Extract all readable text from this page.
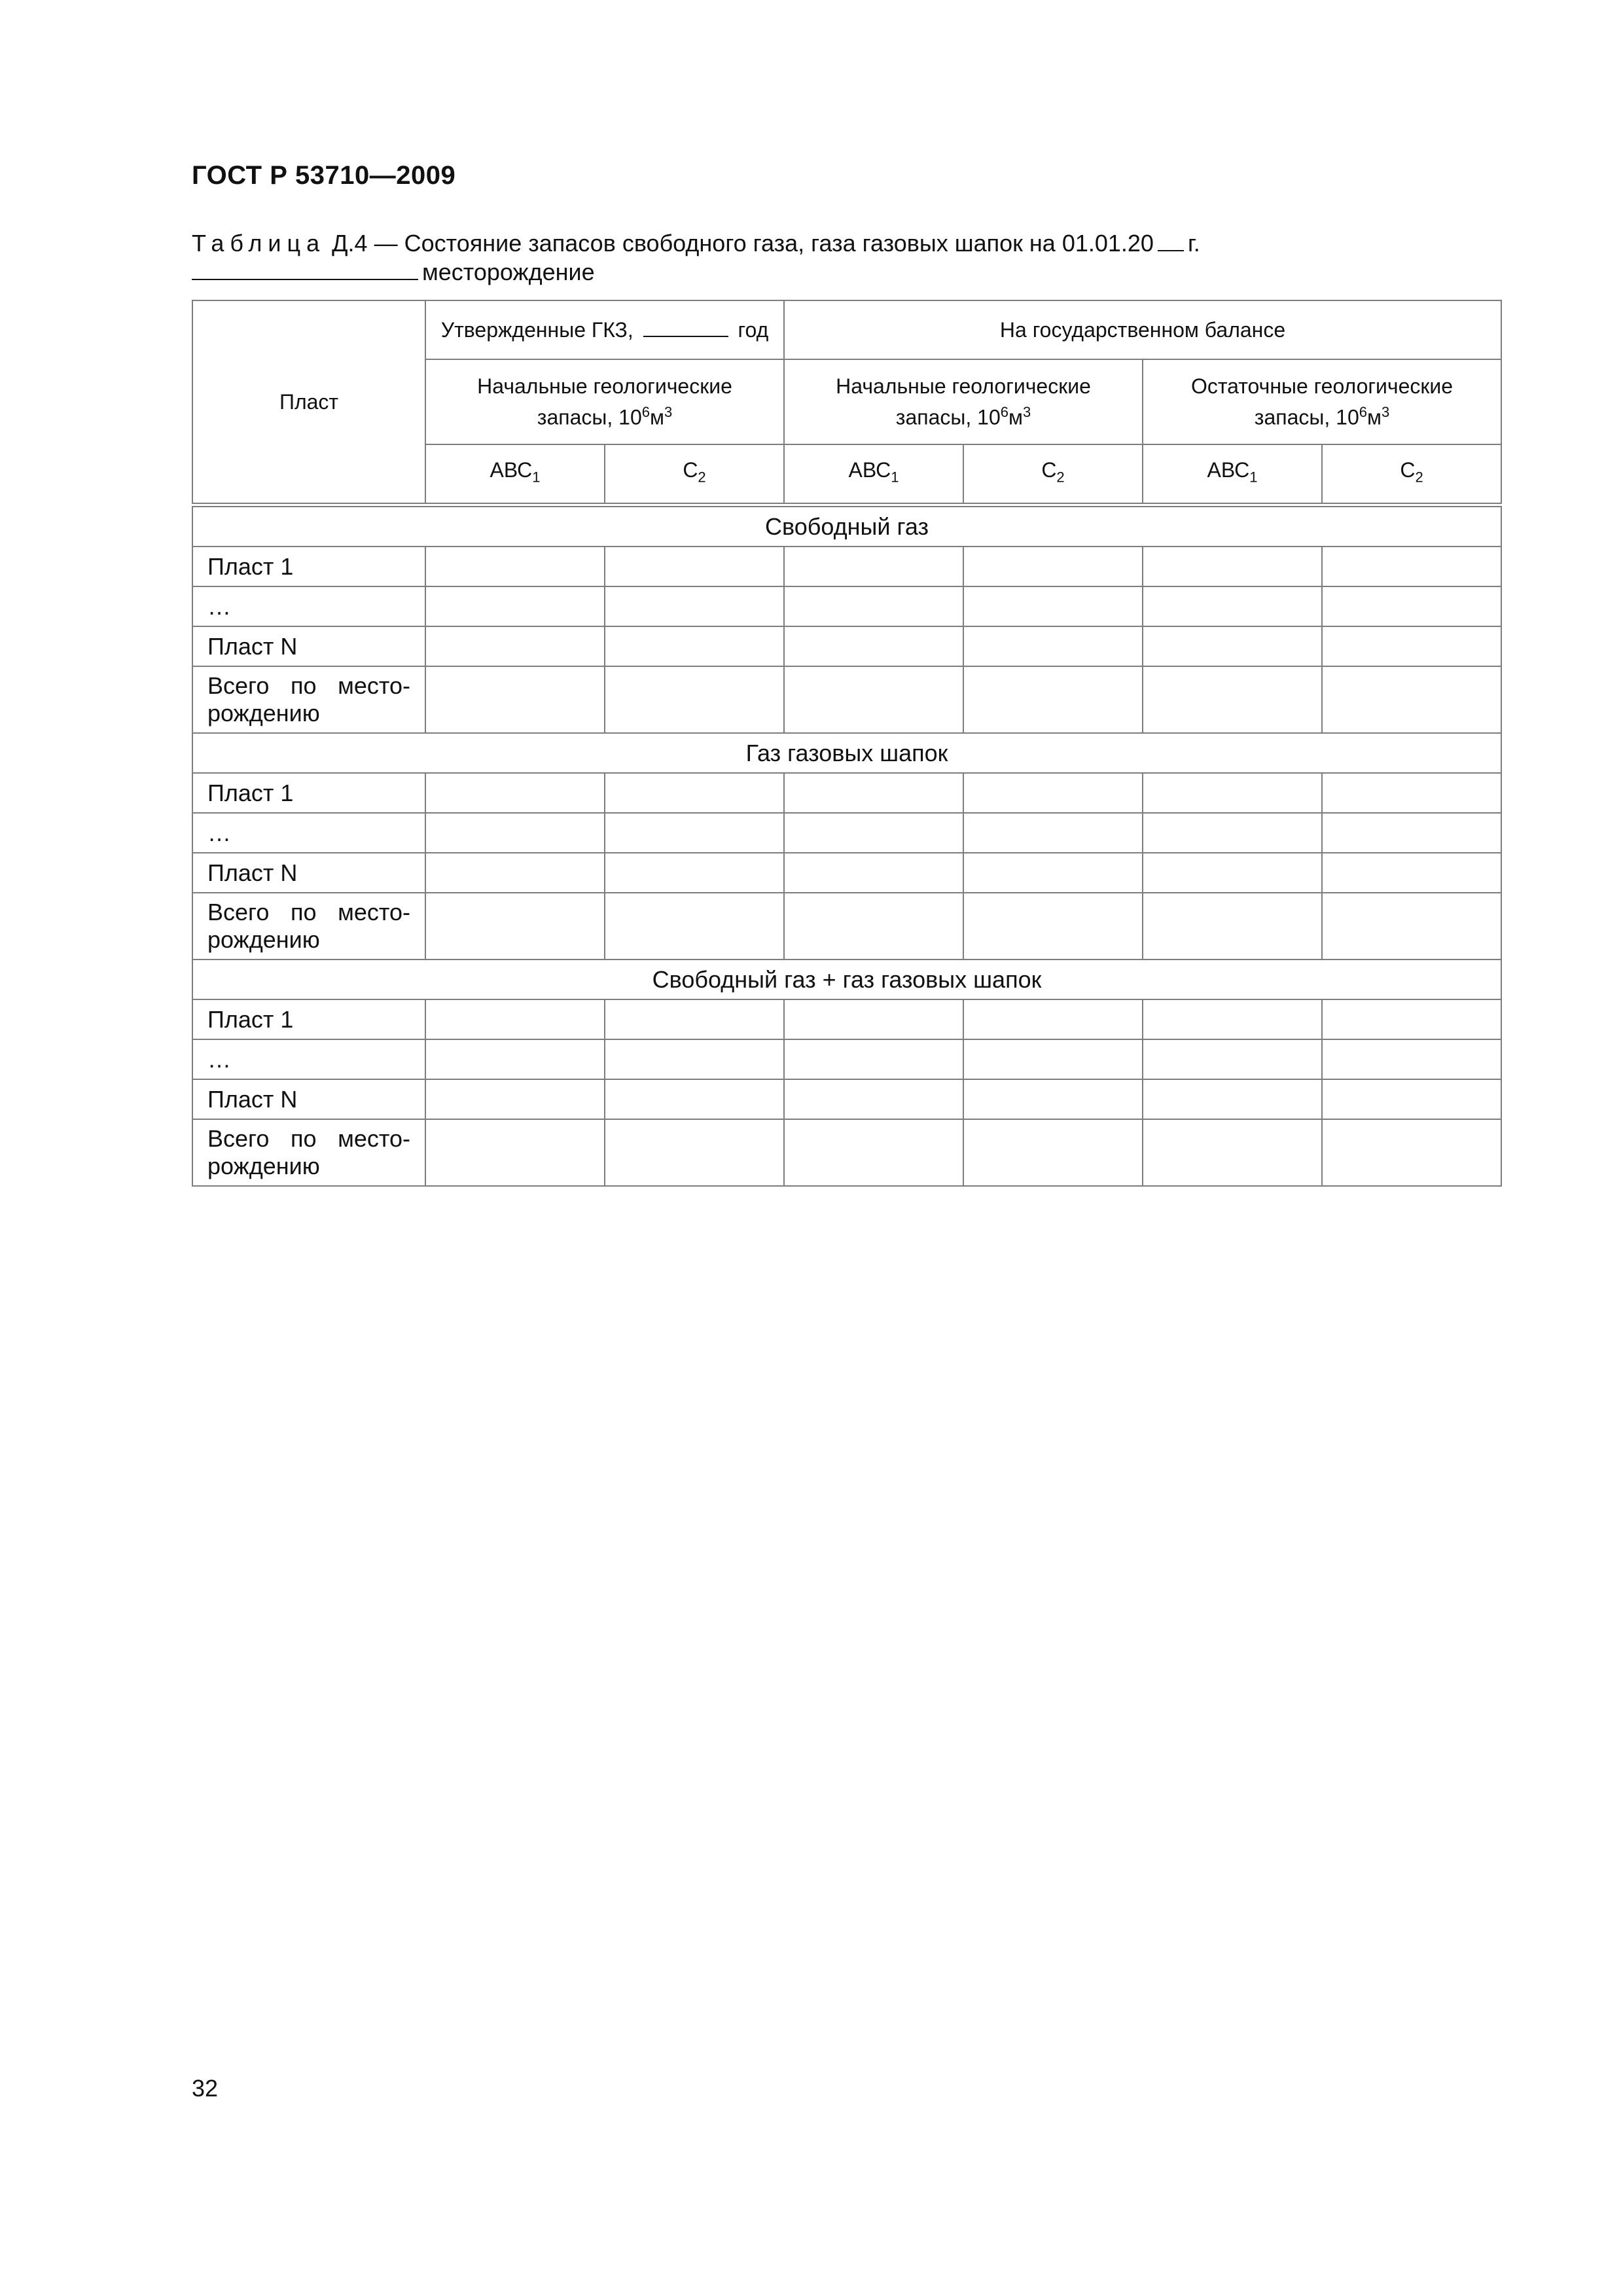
ГОСТ Р 53710—2009
Таблица Д.4 — Состояние запасов свободного газа, газа газовых шапок на 01.01.20 г.
месторождение
Пласт	Утвержденные ГКЗ, год		На государственном балансе			
	Начальные геологические запасы, $10^6м^3$		Начальные геологические запасы, $10^6м^3$		Остаточные геологические запасы, $10^6м^3$
	$АВС_1$	$С_2$	$АВС_1$	$С_2$	$АВС_1$	$С_2$

Свободный газ						
Пласт 1						
…						
Пласт N						
Всего по место-рождению						
Газ газовых шапок						
Пласт 1						
…						
Пласт N						
Всего по место-рождению						
Свободный газ + газ газовых шапок						
Пласт 1						
…						
Пласт N						
Всего по место-рождению						
32
